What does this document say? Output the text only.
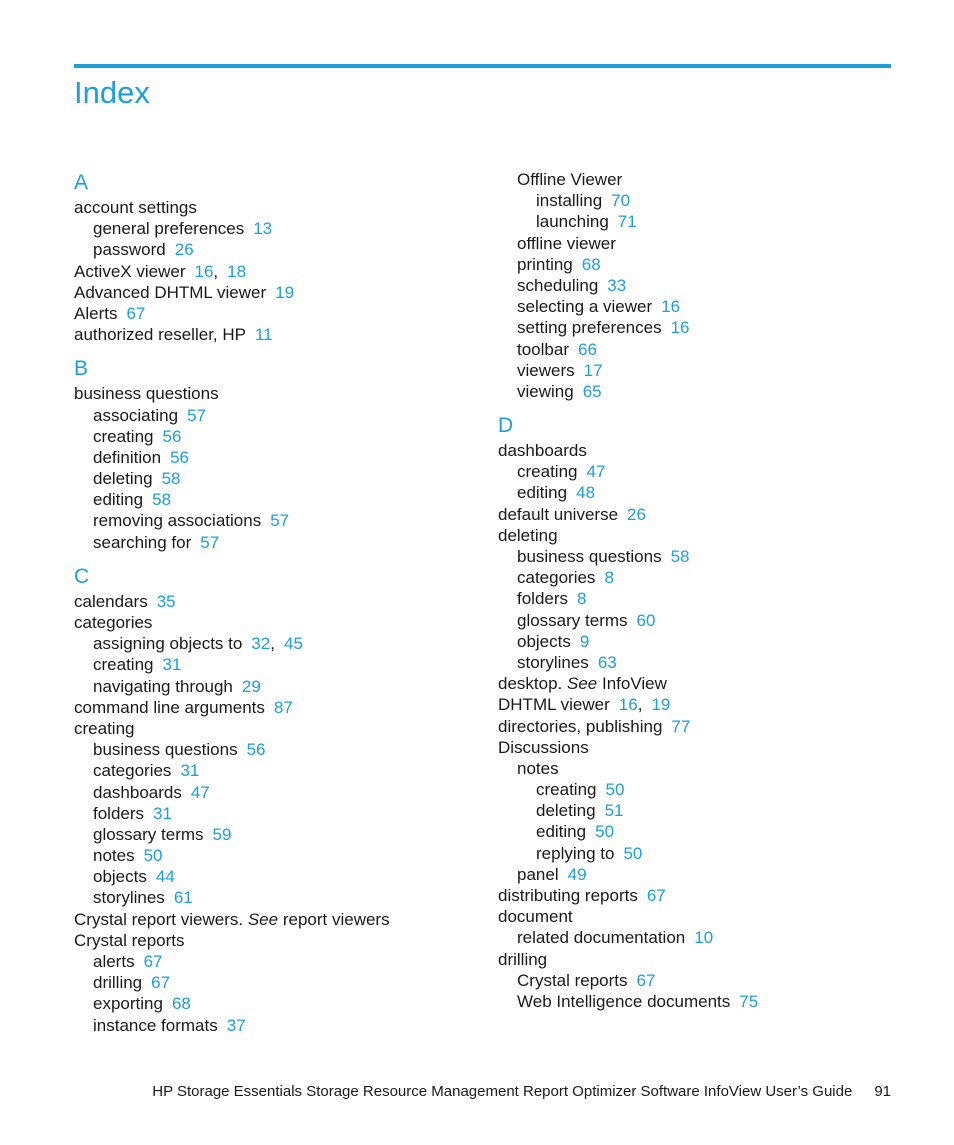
Index
A
account settings
general preferences 13
password 26
ActiveX viewer 16, 18
Advanced DHTML viewer 19
Alerts 67
authorized reseller, HP 11
B
business questions
associating 57
creating 56
definition 56
deleting 58
editing 58
removing associations 57
searching for 57
C
calendars 35
categories
assigning objects to 32, 45
creating 31
navigating through 29
command line arguments 87
creating
business questions 56
categories 31
dashboards 47
folders 31
glossary terms 59
notes 50
objects 44
storylines 61
Crystal report viewers. See report viewers
Crystal reports
alerts 67
drilling 67
exporting 68
instance formats 37
Offline Viewer
installing 70
launching 71
offline viewer
printing 68
scheduling 33
selecting a viewer 16
setting preferences 16
toolbar 66
viewers 17
viewing 65
D
dashboards
creating 47
editing 48
default universe 26
deleting
business questions 58
categories 8
folders 8
glossary terms 60
objects 9
storylines 63
desktop. See InfoView
DHTML viewer 16, 19
directories, publishing 77
Discussions
notes
creating 50
deleting 51
editing 50
replying to 50
panel 49
distributing reports 67
document
related documentation 10
drilling
Crystal reports 67
Web Intelligence documents 75
HP Storage Essentials Storage Resource Management Report Optimizer Software InfoView User’s Guide 91
